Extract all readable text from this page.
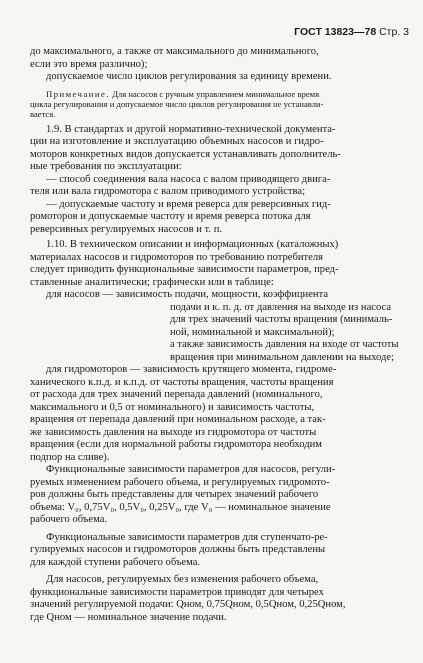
ГОСТ 13823—78 Стр. 3

до максимального, а также от максимального до минимального,
если это время различно);
допускаемое число циклов регулирования за единицу времени.

Примечание. Для насосов с ручным управлением минимальное время
цикла регулирования и допускаемое число циклов регулирования не устанавли-
вается.

1.9. В стандартах и другой нормативно-технической документа-
ции на изготовление и эксплуатацию объемных насосов и гидро-
моторов конкретных видов допускается устанавливать дополнитель-
ные требования по эксплуатации:
— способ соединения вала насоса с валом приводящего двига-
теля или вала гидромотора с валом приводимого устройства;
— допускаемые частоту и время реверса для реверсивных гид-
ромоторов и допускаемые частоту и время реверса потока для
реверсивных регулируемых насосов и т. п.

1.10. В техническом описании и информационных (каталожных)
материалах насосов и гидромоторов по требованию потребителя
следует приводить функциональные зависимости параметров, пред-
ставленные аналитически; графически или в таблице:

для насосов — зависимость подачи, мощности, коэффициента
подачи и к. п. д. от давления на выходе из насоса
для трех значений частоты вращения (минималь-
ной, номинальной и максимальной);
а также зависимость давления на входе от частоты
вращения при минимальном давлении на выходе;

для гидромоторов — зависимость крутящего момента, гидроме-
ханического к.п.д. и к.п.д. от частоты вращения, частоты вращения
от расхода для трех значений перепада давлений (номинального,
максимального и 0,5 от номинального) и зависимость частоты,
вращения от перепада давлений при номинальном расходе, а так-
же зависимость давления на выходе из гидромотора от частоты
вращения (если для нормальной работы гидромотора необходим
подпор на сливе).

Функциональные зависимости параметров для насосов, регули-
руемых изменением рабочего объема, и регулируемых гидромото-
ров должны быть представлены для четырех значений рабочего
объема: V₀, 0,75V₀, 0,5V₀, 0,25V₀, где V₀ — номинальное значение
рабочего объема.

Функциональные зависимости параметров для ступенчато-ре-
гулируемых насосов и гидромоторов должны быть представлены
для каждой ступени рабочего объема.

Для насосов, регулируемых без изменения рабочего объема,
функциональные зависимости параметров приводят для четырех
значений регулируемой подачи: Qном, 0,75Qном, 0,5Qном, 0,25Qном,
где Qном — номинальное значение подачи.
